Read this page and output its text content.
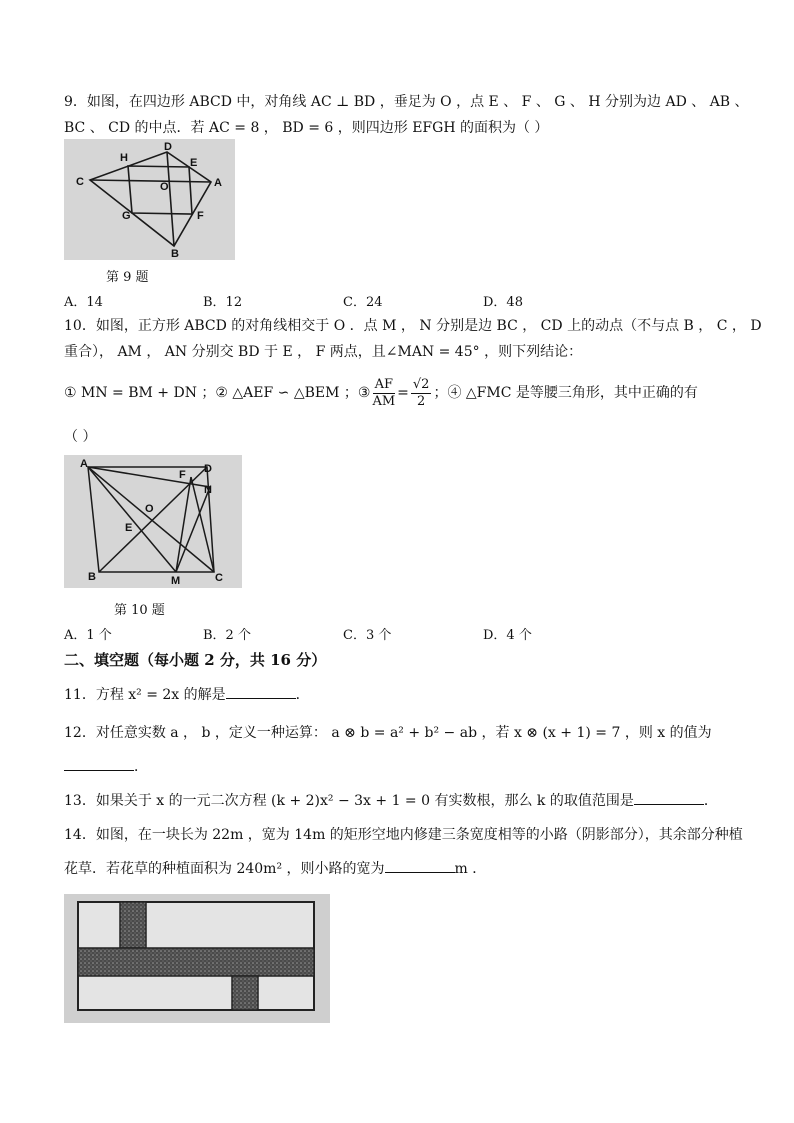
9．如图，在四边形 ABCD 中，对角线 AC ⊥ BD ，垂足为 O ，点 E 、 F 、 G 、 H 分别为边 AD 、 AB 、
BC 、 CD 的中点．若 AC = 8 ， BD = 6 ，则四边形 EFGH 的面积为（ ）
H
D
E
C	O	A
G	F
B
第 9 题
A．14	B．12	C．24	D．48
10．如图，正方形 ABCD 的对角线相交于 O ．点 M ， N 分别是边 BC ， CD 上的动点（不与点 B ， C ， D
重合）， AM ， AN 分别交 BD 于 E ， F 两点，且∠MAN = 45° ，则下列结论：
① MN = BM + DN ；② △AEF ∽ △BEM ；③ $\frac{AF}{AM} = \frac{√2}{2}$ ；④ △FMC 是等腰三角形，其中正确的有
（ ）
A
F D
N
O
E
B	M	C
第 10 题
A．1 个	B．2 个	C．3 个	D．4 个
二、填空题（每小题 2 分，共 16 分）
11．方程 x² = 2x 的解是	．
12．对任意实数 a ， b ，定义一种运算： a ⊗ b = a² + b² − ab ，若 x ⊗ (x + 1) = 7 ，则 x 的值为
．
13．如果关于 x 的一元二次方程 (k + 2)x² − 3x + 1 = 0 有实数根，那么 k 的取值范围是	．
14．如图，在一块长为 22m ，宽为 14m 的矩形空地内修建三条宽度相等的小路（阴影部分），其余部分种植
花草．若花草的种植面积为 240m² ，则小路的宽为	m ．
